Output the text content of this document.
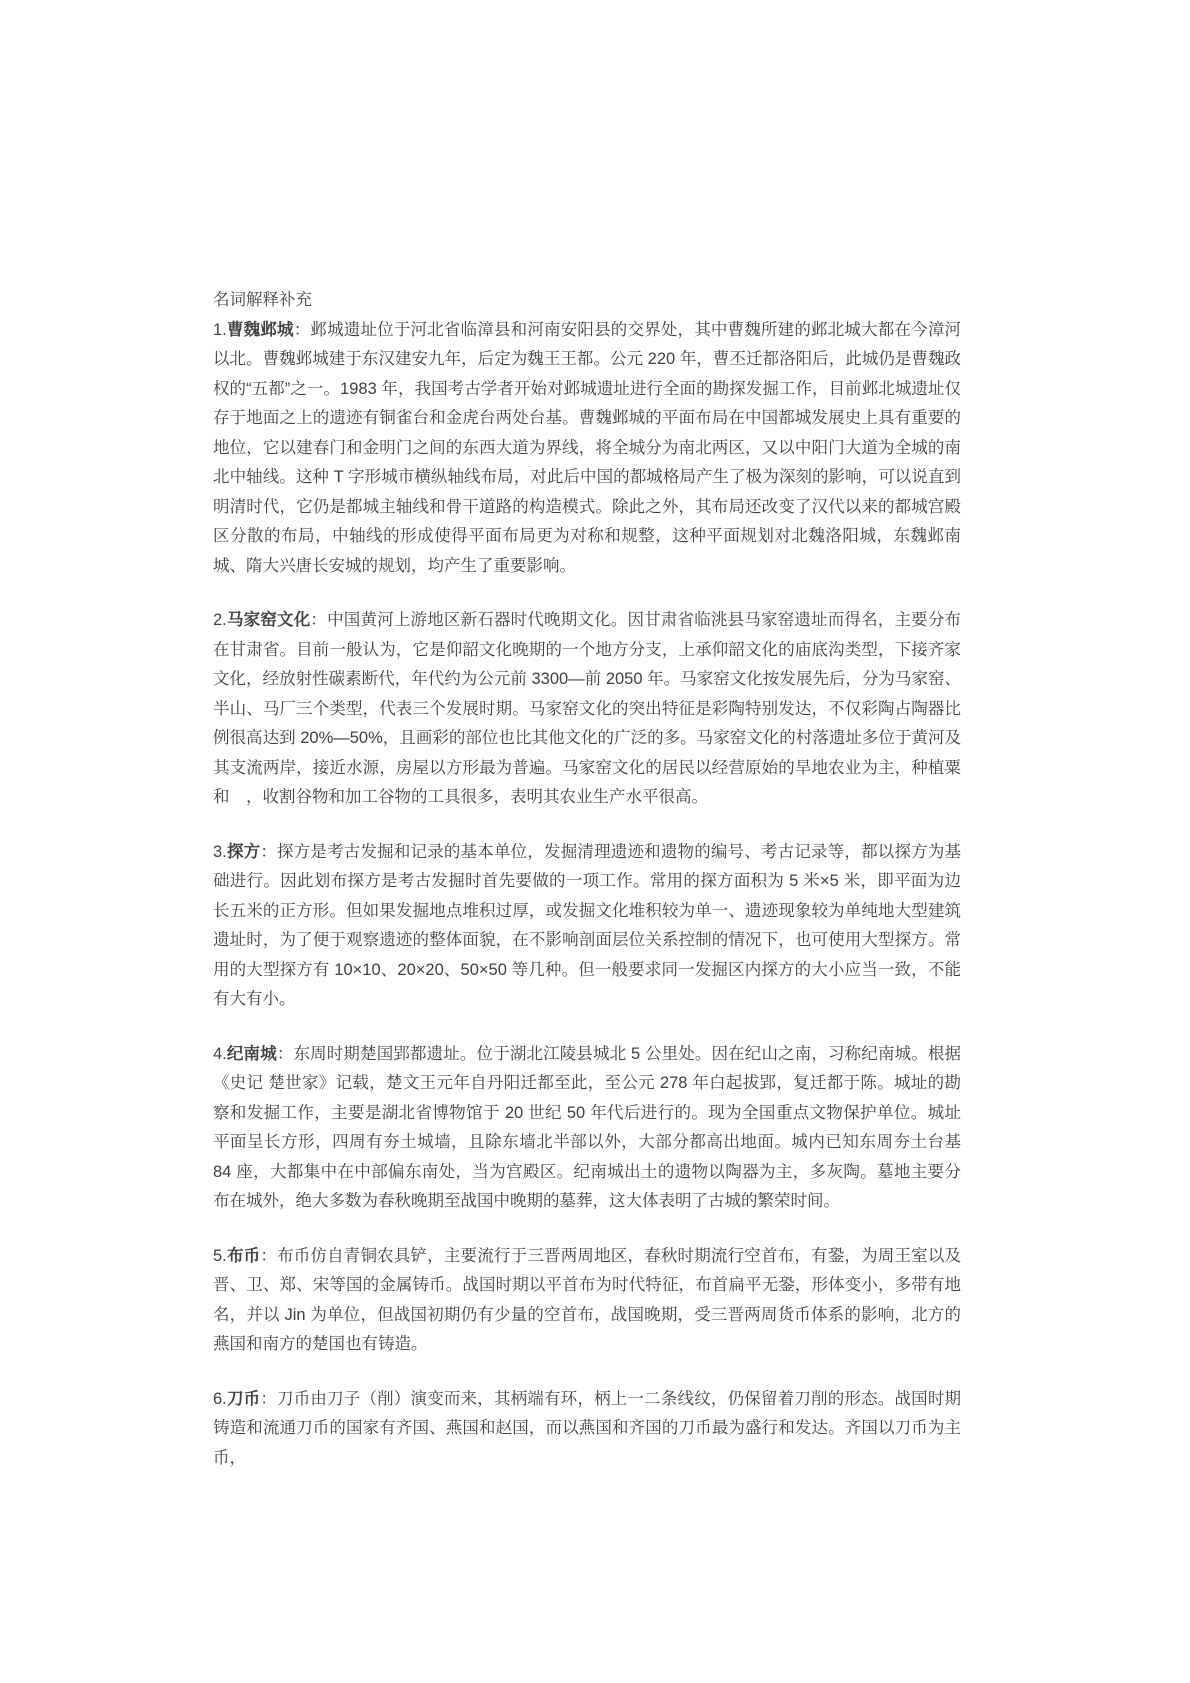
名词解释补充

1.曹魏邺城：邺城遗址位于河北省临漳县和河南安阳县的交界处，其中曹魏所建的邺北城大都在今漳河以北。曹魏邺城建于东汉建安九年，后定为魏王王都。公元 220 年，曹丕迁都洛阳后，此城仍是曹魏政权的“五都”之一。1983 年，我国考古学者开始对邺城遗址进行全面的勘探发掘工作，目前邺北城遗址仅存于地面之上的遗迹有铜雀台和金虎台两处台基。曹魏邺城的平面布局在中国都城发展史上具有重要的地位，它以建春门和金明门之间的东西大道为界线，将全城分为南北两区，又以中阳门大道为全城的南北中轴线。这种 T 字形城市横纵轴线布局，对此后中国的都城格局产生了极为深刻的影响，可以说直到明清时代，它仍是都城主轴线和骨干道路的构造模式。除此之外，其布局还改变了汉代以来的都城宫殿区分散的布局，中轴线的形成使得平面布局更为对称和规整，这种平面规划对北魏洛阳城，东魏邺南城、隋大兴唐长安城的规划，均产生了重要影响。

2.马家窑文化：中国黄河上游地区新石器时代晚期文化。因甘肃省临洮县马家窑遗址而得名，主要分布在甘肃省。目前一般认为，它是仰韶文化晚期的一个地方分支，上承仰韶文化的庙底沟类型，下接齐家文化，经放射性碳素断代，年代约为公元前 3300—前 2050 年。马家窑文化按发展先后，分为马家窑、半山、马厂三个类型，代表三个发展时期。马家窑文化的突出特征是彩陶特别发达，不仅彩陶占陶器比例很高达到 20%—50%，且画彩的部位也比其他文化的广泛的多。马家窑文化的村落遗址多位于黄河及其支流两岸，接近水源，房屋以方形最为普遍。马家窑文化的居民以经营原始的旱地农业为主，种植粟和　，收割谷物和加工谷物的工具很多，表明其农业生产水平很高。

3.探方：探方是考古发掘和记录的基本单位，发掘清理遗迹和遗物的编号、考古记录等，都以探方为基础进行。因此划布探方是考古发掘时首先要做的一项工作。常用的探方面积为 5 米×5 米，即平面为边长五米的正方形。但如果发掘地点堆积过厚，或发掘文化堆积较为单一、遗迹现象较为单纯地大型建筑遗址时，为了便于观察遗迹的整体面貌，在不影响剖面层位关系控制的情况下，也可使用大型探方。常用的大型探方有 10×10、20×20、50×50 等几种。但一般要求同一发掘区内探方的大小应当一致，不能有大有小。

4.纪南城：东周时期楚国郢都遗址。位于湖北江陵县城北 5 公里处。因在纪山之南，习称纪南城。根据《史记 楚世家》记载，楚文王元年自丹阳迁都至此，至公元 278 年白起拔郢，复迁都于陈。城址的勘察和发掘工作，主要是湖北省博物馆于 20 世纪 50 年代后进行的。现为全国重点文物保护单位。城址平面呈长方形，四周有夯土城墙，且除东墙北半部以外，大部分都高出地面。城内已知东周夯土台基 84 座，大都集中在中部偏东南处，当为宫殿区。纪南城出土的遗物以陶器为主，多灰陶。墓地主要分布在城外，绝大多数为春秋晚期至战国中晚期的墓葬，这大体表明了古城的繁荣时间。

5.布币：布币仿自青铜农具铲，主要流行于三晋两周地区，春秋时期流行空首布，有銎，为周王室以及晋、卫、郑、宋等国的金属铸币。战国时期以平首布为时代特征，布首扁平无銎，形体变小，多带有地名，并以 Jin 为单位，但战国初期仍有少量的空首布，战国晚期，受三晋两周货币体系的影响，北方的燕国和南方的楚国也有铸造。

6.刀币：刀币由刀子（削）演变而来，其柄端有环，柄上一二条线纹，仍保留着刀削的形态。战国时期铸造和流通刀币的国家有齐国、燕国和赵国，而以燕国和齐国的刀币最为盛行和发达。齐国以刀币为主币，
